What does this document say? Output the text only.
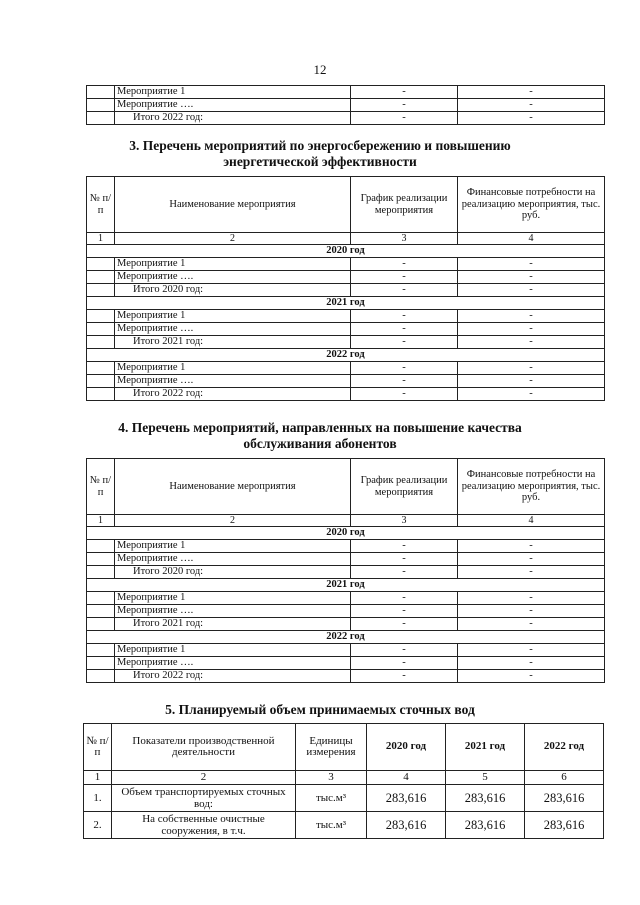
12
	Мероприятие 1	-	-
	Мероприятие ….	-	-
	Итого 2022 год:	-	-
3. Перечень мероприятий по энергосбережению и повышению
энергетической эффективности
№ п/п	Наименование мероприятия	График реализации мероприятия	Финансовые потребности на реализацию мероприятия, тыс. руб.
1	2	3	4
2020 год			
	Мероприятие 1	-	-
	Мероприятие ….	-	-
	Итого 2020 год:	-	-
2021 год			
	Мероприятие 1	-	-
	Мероприятие ….	-	-
	Итого 2021 год:	-	-
2022 год			
	Мероприятие 1	-	-
	Мероприятие ….	-	-
	Итого 2022 год:	-	-
4. Перечень мероприятий, направленных на повышение качества
обслуживания абонентов
№ п/п	Наименование мероприятия	График реализации мероприятия	Финансовые потребности на реализацию мероприятия, тыс. руб.
1	2	3	4
2020 год			
	Мероприятие 1	-	-
	Мероприятие ….	-	-
	Итого 2020 год:	-	-
2021 год			
	Мероприятие 1	-	-
	Мероприятие ….	-	-
	Итого 2021 год:	-	-
2022 год			
	Мероприятие 1	-	-
	Мероприятие ….	-	-
	Итого 2022 год:	-	-
5. Планируемый объем принимаемых сточных вод
№ п/п	Показатели производственной деятельности	Единицы измерения	2020 год	2021 год	2022 год
1	2	3	4	5	6
1.	Объем транспортируемых сточных вод:	тыс.м³	283,616	283,616	283,616
2.	На собственные очистные сооружения, в т.ч.	тыс.м³	283,616	283,616	283,616
